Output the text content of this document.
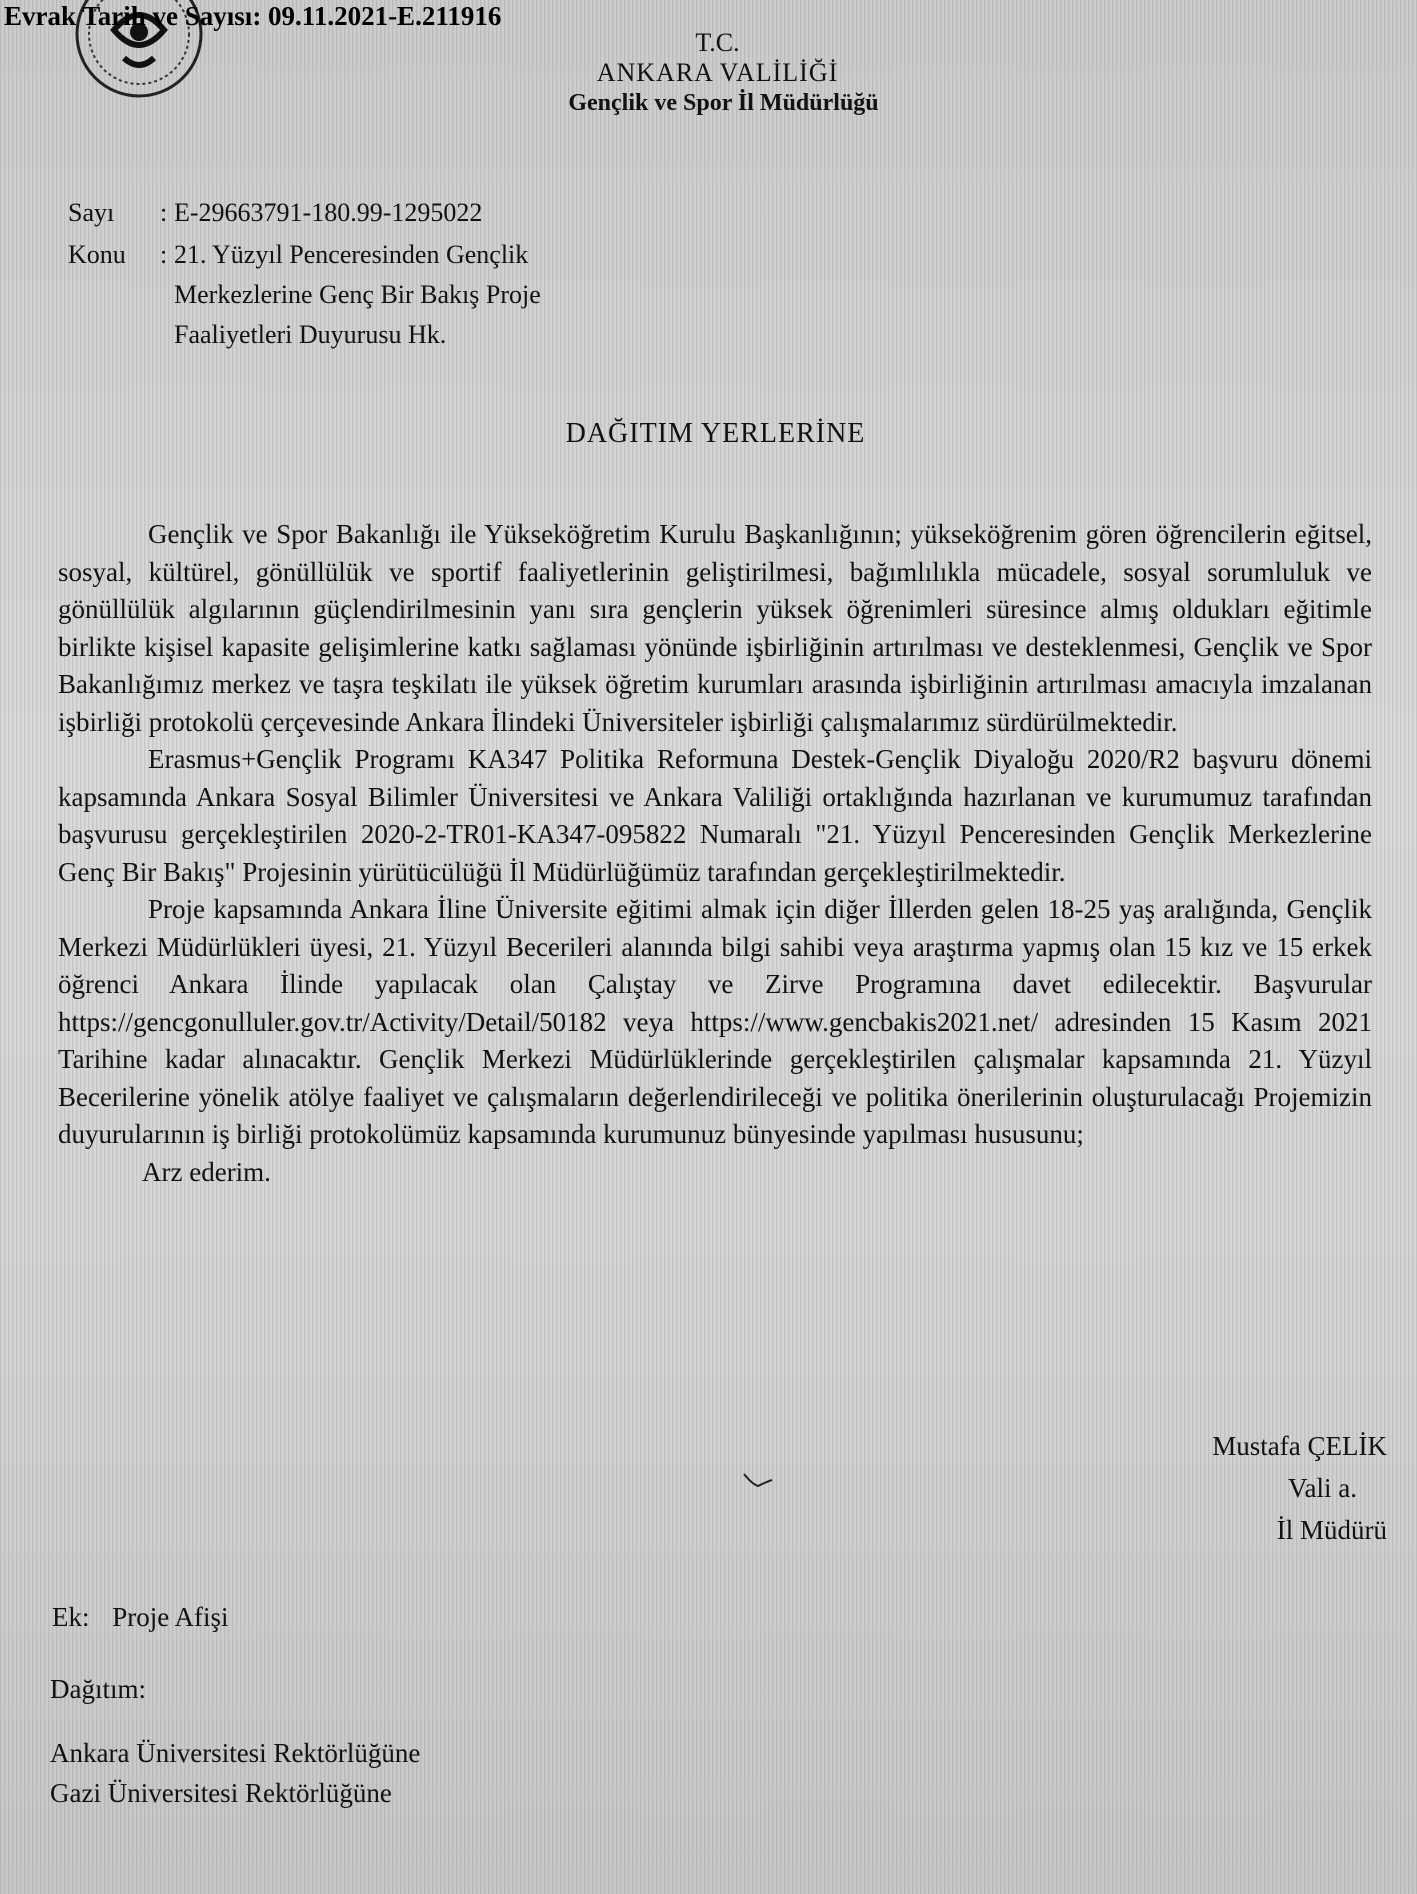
Evrak Tarih ve Sayısı: 09.11.2021-E.211916
T.C.
ANKARA VALİLİĞİ
Gençlik ve Spor İl Müdürlüğü
Sayı	: E-29663791-180.99-1295022
Konu	: 21. Yüzyıl Penceresinden Gençlik Merkezlerine Genç Bir Bakış Proje Faaliyetleri Duyurusu Hk.
DAĞITIM YERLERİNE

Gençlik ve Spor Bakanlığı ile Yükseköğretim Kurulu Başkanlığının; yükseköğrenim gören öğrencilerin eğitsel, sosyal, kültürel, gönüllülük ve sportif faaliyetlerinin geliştirilmesi, bağımlılıkla mücadele, sosyal sorumluluk ve gönüllülük algılarının güçlendirilmesinin yanı sıra gençlerin yüksek öğrenimleri süresince almış oldukları eğitimle birlikte kişisel kapasite gelişimlerine katkı sağlaması yönünde işbirliğinin artırılması ve desteklenmesi, Gençlik ve Spor Bakanlığımız merkez ve taşra teşkilatı ile yüksek öğretim kurumları arasında işbirliğinin artırılması amacıyla imzalanan işbirliği protokolü çerçevesinde Ankara İlindeki Üniversiteler işbirliği çalışmalarımız sürdürülmektedir.

Erasmus+Gençlik Programı KA347 Politika Reformuna Destek-Gençlik Diyaloğu 2020/R2 başvuru dönemi kapsamında Ankara Sosyal Bilimler Üniversitesi ve Ankara Valiliği ortaklığında hazırlanan ve kurumumuz tarafından başvurusu gerçekleştirilen 2020-2-TR01-KA347-095822 Numaralı "21. Yüzyıl Penceresinden Gençlik Merkezlerine Genç Bir Bakış" Projesinin yürütücülüğü İl Müdürlüğümüz tarafından gerçekleştirilmektedir.

Proje kapsamında Ankara İline Üniversite eğitimi almak için diğer İllerden gelen 18-25 yaş aralığında, Gençlik Merkezi Müdürlükleri üyesi, 21. Yüzyıl Becerileri alanında bilgi sahibi veya araştırma yapmış olan 15 kız ve 15 erkek öğrenci Ankara İlinde yapılacak olan Çalıştay ve Zirve Programına davet edilecektir. Başvurular https://gencgonulluler.gov.tr/Activity/Detail/50182 veya https://www.gencbakis2021.net/ adresinden 15 Kasım 2021 Tarihine kadar alınacaktır. Gençlik Merkezi Müdürlüklerinde gerçekleştirilen çalışmalar kapsamında 21. Yüzyıl Becerilerine yönelik atölye faaliyet ve çalışmaların değerlendirileceği ve politika önerilerinin oluşturulacağı Projemizin duyurularının iş birliği protokolümüz kapsamında kurumunuz bünyesinde yapılması hususunu;

Arz ederim.

Mustafa ÇELİK
Vali a.
İl Müdürü
Ek: Proje Afişi
Dağıtım:
Ankara Üniversitesi Rektörlüğüne
Gazi Üniversitesi Rektörlüğüne
